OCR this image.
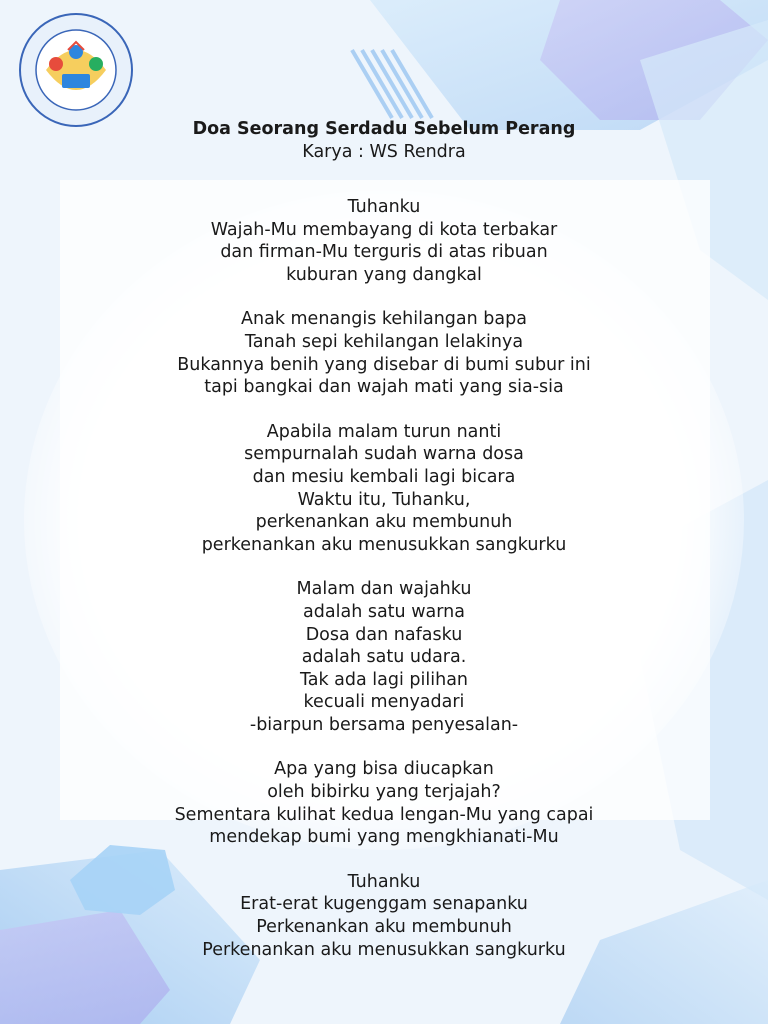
Doa Seorang Serdadu Sebelum Perang

Karya : WS Rendra

Tuhanku

Wajah-Mu membayang di kota terbakar

dan firman-Mu terguris di atas ribuan

kuburan yang dangkal

Anak menangis kehilangan bapa

Tanah sepi kehilangan lelakinya

Bukannya benih yang disebar di bumi subur ini

tapi bangkai dan wajah mati yang sia-sia

Apabila malam turun nanti

sempurnalah sudah warna dosa

dan mesiu kembali lagi bicara

Waktu itu, Tuhanku,

perkenankan aku membunuh

perkenankan aku menusukkan sangkurku

Malam dan wajahku

adalah satu warna

Dosa dan nafasku

adalah satu udara.

Tak ada lagi pilihan

kecuali menyadari

-biarpun bersama penyesalan-

Apa yang bisa diucapkan

oleh bibirku yang terjajah?

Sementara kulihat kedua lengan-Mu yang capai

mendekap bumi yang mengkhianati-Mu

Tuhanku

Erat-erat kugenggam senapanku

Perkenankan aku membunuh

Perkenankan aku menusukkan sangkurku
